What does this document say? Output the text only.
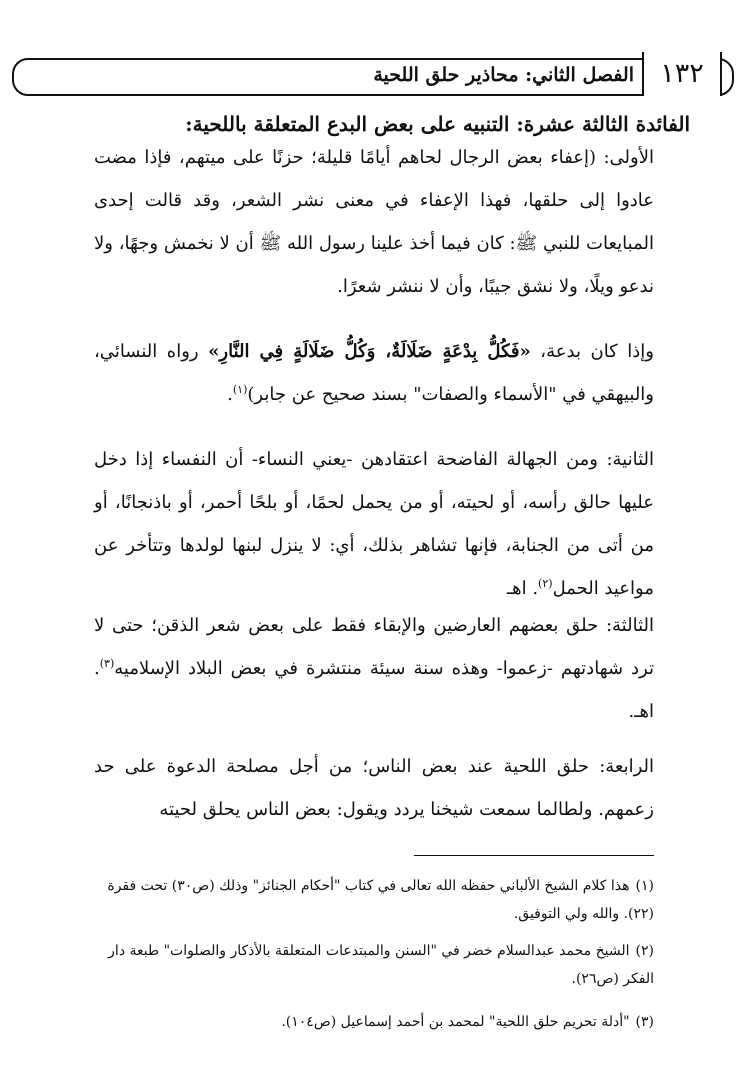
الفصل الثاني: محاذير حلق اللحية ١٣٢
الفائدة الثالثة عشرة: التنبيه على بعض البدع المتعلقة باللحية:
الأولى: (إعفاء بعض الرجال لحاهم أيامًا قليلة؛ حزنًا على ميتهم، فإذا مضت عادوا إلى حلقها، فهذا الإعفاء في معنى نشر الشعر، وقد قالت إحدى المبايعات للنبي ﷺ: كان فيما أخذ علينا رسول الله ﷺ أن لا نخمش وجهًا، ولا ندعو ويلًا، ولا نشق جيبًا، وأن لا ننشر شعرًا.
وإذا كان بدعة، «فَكُلُّ بِدْعَةٍ ضَلَالَةٌ، وَكُلُّ ضَلَالَةٍ فِي النَّارِ» رواه النسائي، والبيهقي في "الأسماء والصفات" بسند صحيح عن جابر)$^{(١)}$.
الثانية: ومن الجهالة الفاضحة اعتقادهن -يعني النساء- أن النفساء إذا دخل عليها حالق رأسه، أو لحيته، أو من يحمل لحمًا، أو بلحًا أحمر، أو باذنجانًا، أو من أتى من الجنابة، فإنها تشاهر بذلك، أي: لا ينزل لبنها لولدها وتتأخر عن مواعيد الحمل$^{(٢)}$. اهـ
الثالثة: حلق بعضهم العارضين والإبقاء فقط على بعض شعر الذقن؛ حتى لا ترد شهادتهم -زعموا- وهذه سنة سيئة منتشرة في بعض البلاد الإسلاميه$^{(٣)}$. اهـ.
الرابعة: حلق اللحية عند بعض الناس؛ من أجل مصلحة الدعوة على حد زعمهم. ولطالما سمعت شيخنا يردد ويقول: بعض الناس يحلق لحيته
(١)هذا كلام الشيخ الألباني حفظه الله تعالى في كتاب "أحكام الجنائز" وذلك (ص٣٠) تحت فقرة (٢٢). والله ولي التوفيق.
(٢)الشيخ محمد عبدالسلام خضر في "السنن والمبتدعات المتعلقة بالأذكار والصلوات" طبعة دار الفكر (ص٢٦).
(٣)"أدلة تحريم حلق اللحية" لمحمد بن أحمد إسماعيل (ص١٠٤).
